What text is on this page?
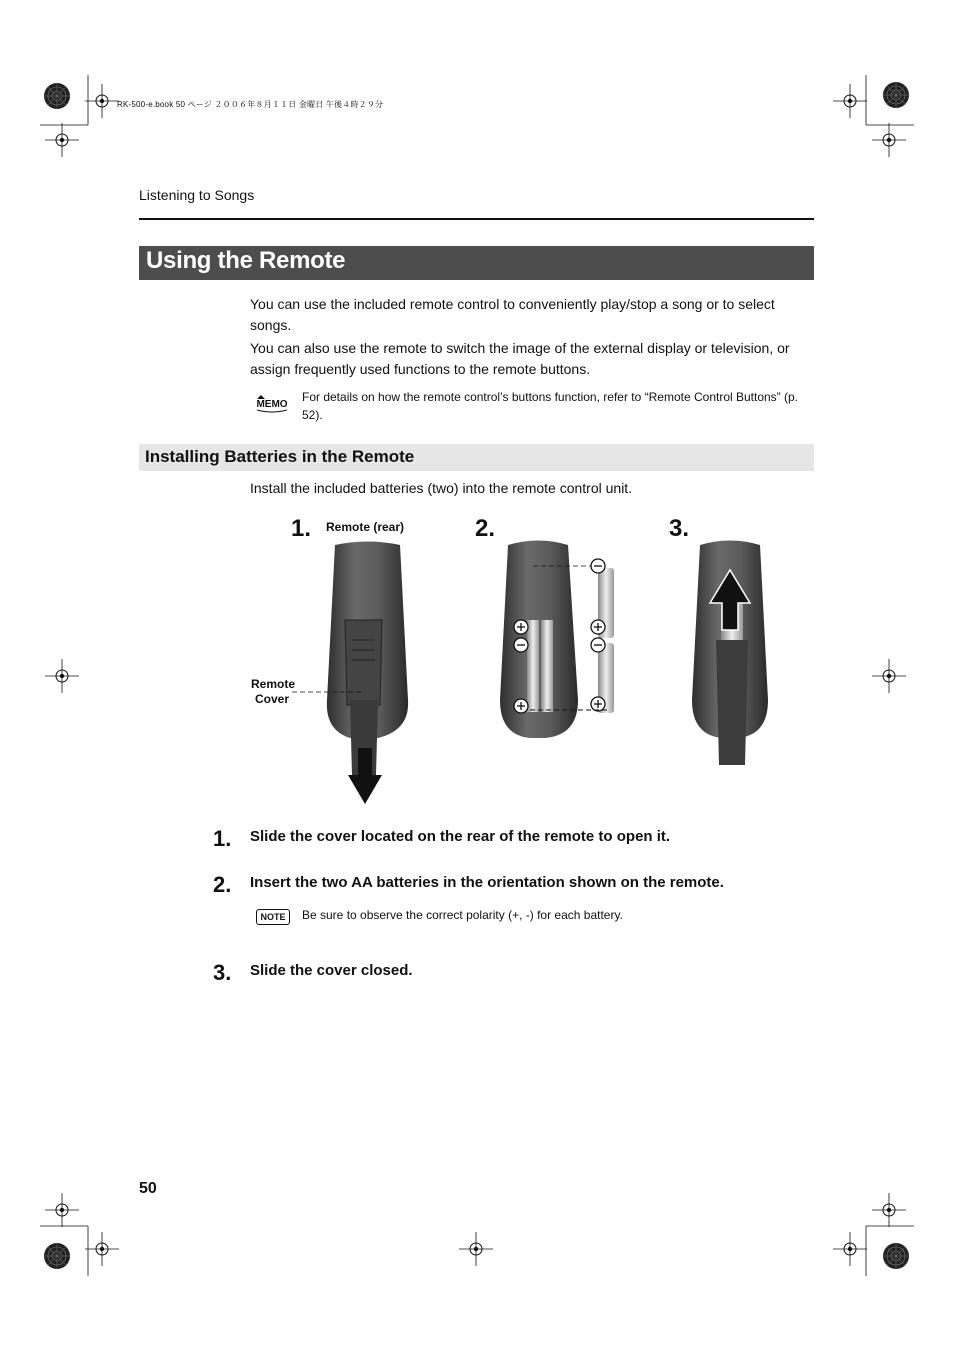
RK-500-e.book 50 ページ ２００６年８月１１日 金曜日 午後４時２９分
Listening to Songs
Using the Remote
You can use the included remote control to conveniently play/stop a song or to select songs.
You can also use the remote to switch the image of the external display or television, or assign frequently used functions to the remote buttons.
MEMO
For details on how the remote control’s buttons function, refer to “Remote Control Buttons” (p. 52).
Installing Batteries in the Remote
Install the included batteries (two) into the remote control unit.
1.	2.	3.
Remote (rear)
Remote
Cover
1. Slide the cover located on the rear of the remote to open it.
2. Insert the two AA batteries in the orientation shown on the remote.
NOTE	Be sure to observe the correct polarity (+, -) for each battery.
3. Slide the cover closed.
50
